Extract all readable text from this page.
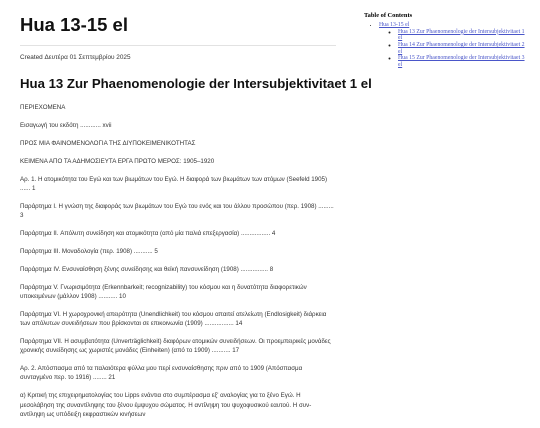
Hua 13-15 el
Created Δευτέρα 01 Σεπτεμβρίου 2025
Hua 13 Zur Phaenomenologie der Intersubjektivitaet 1 el
ΠΕΡΙΕΧΟΜΕΝΑ
Εισαγωγή του εκδότη ............ xvii
ΠΡΟΣ ΜΙΑ ΦΑΙΝΟΜΕΝΟΛΟΓΙΑ ΤΗΣ ΔΙΥΠΟΚΕΙΜΕΝΙΚΟΤΗΤΑΣ
ΚΕΙΜΕΝΑ ΑΠΟ ΤΑ ΑΔΗΜΟΣΙΕΥΤΑ ΕΡΓΑ ΠΡΩΤΟ ΜΕΡΟΣ: 1905–1920
Αρ. 1. Η ατομικότητα του Εγώ και των βιωμάτων του Εγώ. Η διαφορά των βιωμάτων των ατόμων (Seefeld 1905) ...... 1
Παράρτημα I. Η γνώση της διαφοράς των βιωμάτων του Εγώ του ενός και του άλλου προσώπου (περ. 1908) ......... 3
Παράρτημα II. Απόλυτη συνείδηση και ατομικότητα (από μία παλιά επεξεργασία) ................. 4
Παράρτημα III. Μοναδολογία (περ. 1908) ........... 5
Παράρτημα IV. Ενσυναίσθηση ξένης συνείδησης και θεϊκή πανσυνείδηση (1908) ................ 8
Παράρτημα V. Γνωρισιμότητα (Erkennbarkeit; recognizability) του κόσμου και η δυνατότητα διαφορετικών υποκειμένων (μάλλον 1908) ........... 10
Παράρτημα VI. Η χωροχρονική απειρότητα (Unendlichkeit) του κόσμου απαιτεί ατελείωτη (Endlosigkeit) διάρκεια των απόλυτων συνειδήσεων που βρίσκονται σε επικοινωνία (1909) ................. 14
Παράρτημα VII. Η ασυμβατότητα (Unverträglichkeit) διαφόρων ατομικών συνειδήσεων. Οι προεμπειρικές μονάδες χρονικής συνείδησης ως χωριστές μονάδες (Einheiten) (από το 1909) ........... 17
Αρ. 2. Απόσπασμα από τα παλαιότερα φύλλα μου περί ενσυναίσθησης πριν από το 1909 (Απόσπασμα συνταγμένο περ. το 1916) ........ 21
α) Κριτική της επιχειρηματολογίας του Lipps ενάντια στο συμπέρασμα εξ' αναλογίας για το ξένο Εγώ. Η μεσολάβηση της συναντίληψης του ξένου έμψυχου σώματος. Η αντίληψη του ψυχοφυσικού εαυτού. Η συν-αντίληψη ως υπόδειξη εκφραστικών κινήσεων
Table of Contents
• Hua 13-15 el
◦ Hua 13 Zur Phaenomenologie der Intersubjektivitaet 1 el
◦ Hua 14 Zur Phaenomenologie der Intersubjektivitaet 2 el
◦ Hua 15 Zur Phaenomenologie der Intersubjektivitaet 3 el
